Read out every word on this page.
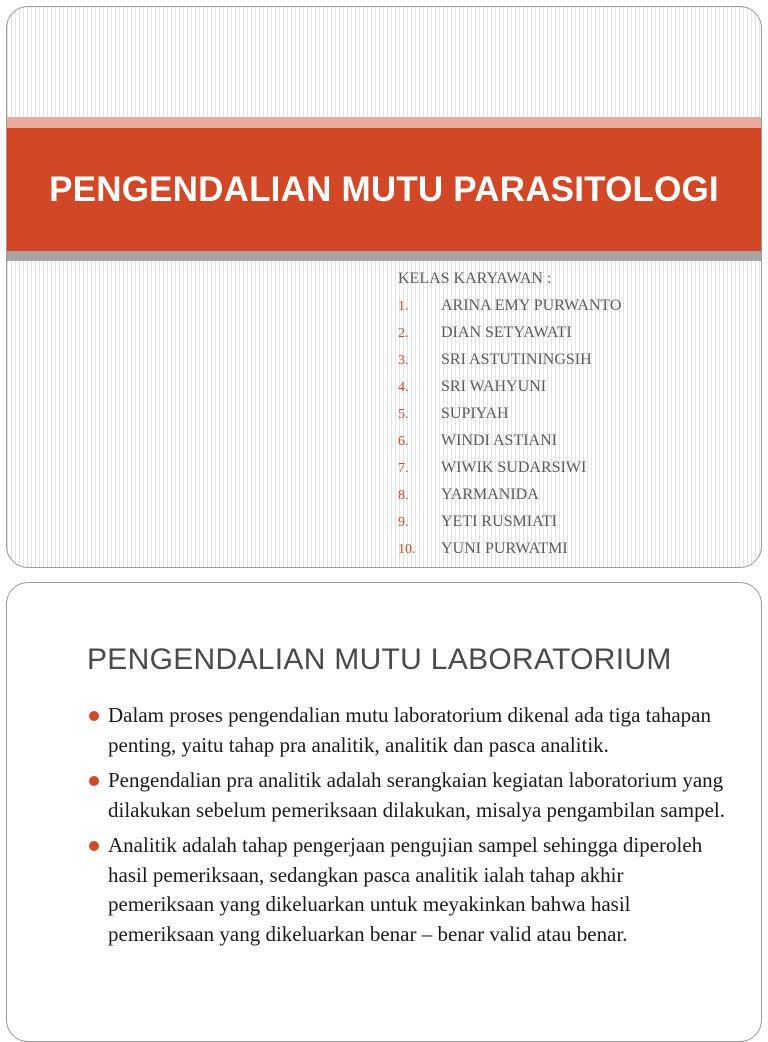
PENGENDALIAN MUTU PARASITOLOGI
KELAS KARYAWAN :
1. ARINA EMY PURWANTO
2. DIAN SETYAWATI
3. SRI ASTUTININGSIH
4. SRI WAHYUNI
5. SUPIYAH
6. WINDI ASTIANI
7. WIWIK SUDARSIWI
8. YARMANIDA
9. YETI RUSMIATI
10. YUNI PURWATMI
PENGENDALIAN MUTU LABORATORIUM
Dalam proses pengendalian mutu laboratorium dikenal ada tiga tahapan penting, yaitu tahap pra analitik, analitik dan pasca analitik.
Pengendalian pra analitik adalah serangkaian kegiatan laboratorium yang dilakukan sebelum pemeriksaan dilakukan, misalya pengambilan sampel.
Analitik adalah tahap pengerjaan pengujian sampel sehingga diperoleh hasil pemeriksaan, sedangkan pasca analitik ialah tahap akhir pemeriksaan yang dikeluarkan untuk meyakinkan bahwa hasil pemeriksaan yang dikeluarkan benar – benar valid atau benar.
